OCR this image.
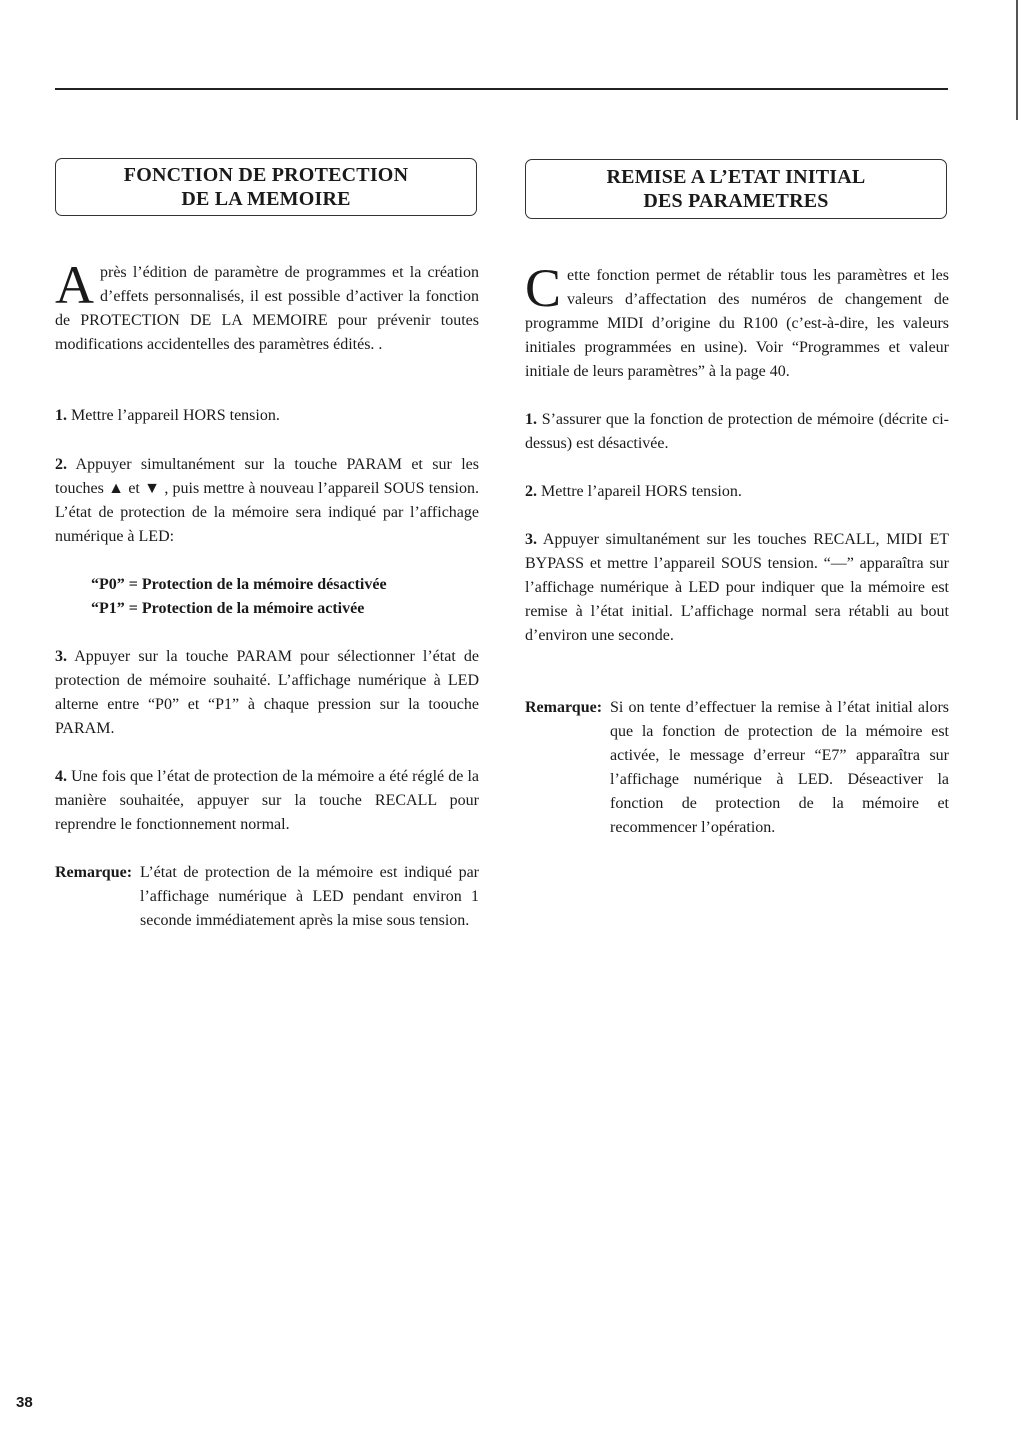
FONCTION DE PROTECTION
DE LA MEMOIRE

Après l’édition de paramètre de programmes et la création d’effets personnalisés, il est possible d’activer la fonction de PROTECTION DE LA MEMOIRE pour prévenir toutes modifications accidentelles des paramètres édités. .

1. Mettre l’appareil HORS tension.

2. Appuyer simultanément sur la touche PARAM et sur les touches ▲ et ▼ , puis mettre à nouveau l’appareil SOUS tension. L’état de protection de la mémoire sera indiqué par l’affichage numérique à LED:

“P0” = Protection de la mémoire désactivée

“P1” = Protection de la mémoire activée

3. Appuyer sur la touche PARAM pour sélectionner l’état de protection de mémoire souhaité. L’affichage numérique à LED alterne entre “P0” et “P1” à chaque pression sur la toouche PARAM.

4. Une fois que l’état de protection de la mémoire a été réglé de la manière souhaitée, appuyer sur la touche RECALL pour reprendre le fonctionnement normal.

Remarque: L’état de protection de la mémoire est indiqué par l’affichage numérique à LED pendant environ 1 seconde immédiatement après la mise sous tension.
REMISE A L’ETAT INITIAL
DES PARAMETRES

Cette fonction permet de rétablir tous les paramètres et les valeurs d’affectation des numéros de changement de programme MIDI d’origine du R100 (c’est-à-dire, les valeurs initiales programmées en usine). Voir “Programmes et valeur initiale de leurs paramètres” à la page 40.

1. S’assurer que la fonction de protection de mémoire (décrite ci-dessus) est désactivée.

2. Mettre l’apareil HORS tension.

3. Appuyer simultanément sur les touches RECALL, MIDI ET BYPASS et mettre l’appareil SOUS tension. “—” apparaîtra sur l’affichage numérique à LED pour indiquer que la mémoire est remise à l’état initial. L’affichage normal sera rétabli au bout d’environ une seconde.

Remarque: Si on tente d’effectuer la remise à l’état initial alors que la fonction de protection de la mémoire est activée, le message d’erreur “E7” apparaîtra sur l’affichage numérique à LED. Déseactiver la fonction de protection de la mémoire et recommencer l’opération.
38
